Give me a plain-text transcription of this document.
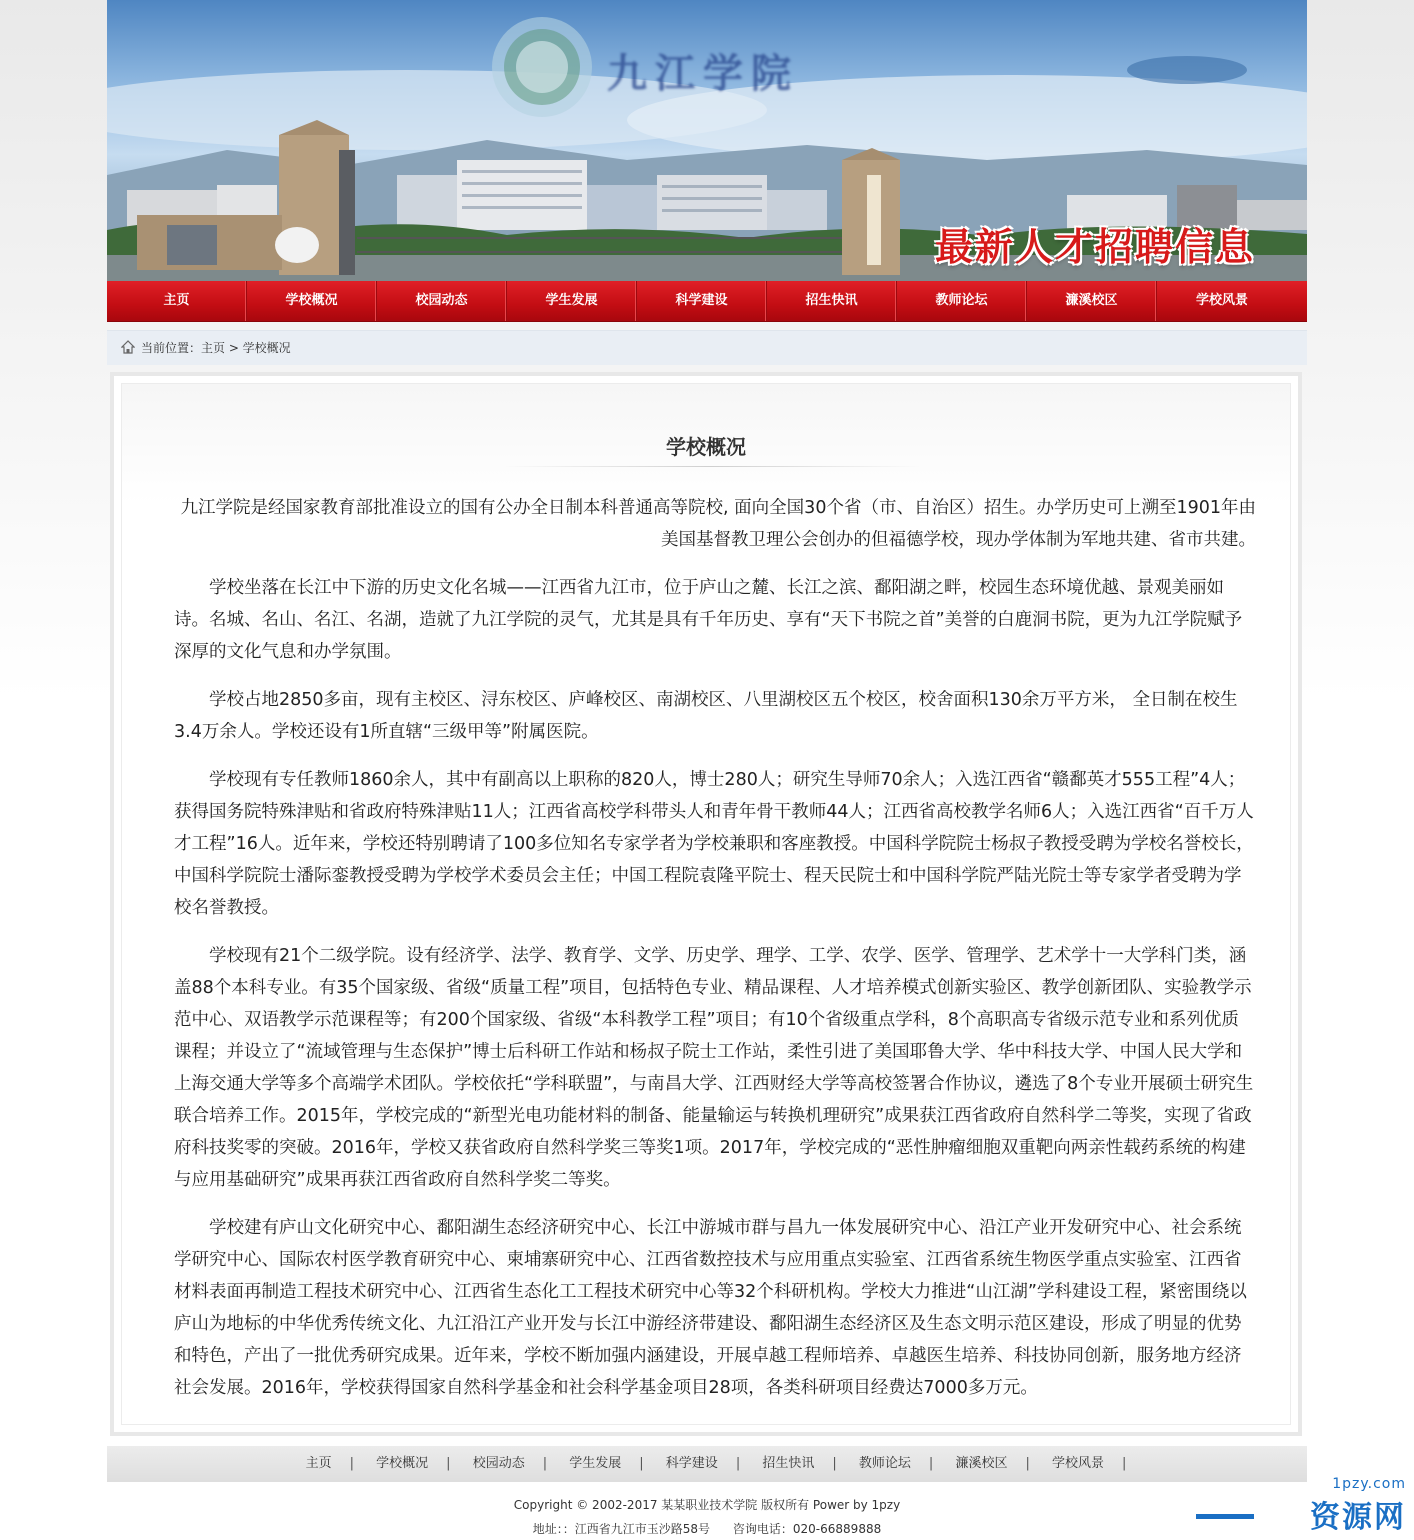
九江学院
最新人才招聘信息
主页	学校概况	校园动态	学生发展	科学建设	招生快讯	教师论坛	濂溪校区	学校风景
当前位置：主页 > 学校概况
学校概况

九江学院是经国家教育部批准设立的国有公办全日制本科普通高等院校, 面向全国30个省（市、自治区）招生。办学历史可上溯至1901年由美国基督教卫理公会创办的但福德学校，现办学体制为军地共建、省市共建。

学校坐落在长江中下游的历史文化名城——江西省九江市，位于庐山之麓、长江之滨、鄱阳湖之畔，校园生态环境优越、景观美丽如诗。名城、名山、名江、名湖，造就了九江学院的灵气，尤其是具有千年历史、享有“天下书院之首”美誉的白鹿洞书院，更为九江学院赋予深厚的文化气息和办学氛围。

学校占地2850多亩，现有主校区、浔东校区、庐峰校区、南湖校区、八里湖校区五个校区，校舍面积130余万平方米， 全日制在校生3.4万余人。学校还设有1所直辖“三级甲等”附属医院。

学校现有专任教师1860余人，其中有副高以上职称的820人，博士280人；研究生导师70余人；入选江西省“赣鄱英才555工程”4人；获得国务院特殊津贴和省政府特殊津贴11人；江西省高校学科带头人和青年骨干教师44人；江西省高校教学名师6人；入选江西省“百千万人才工程”16人。近年来，学校还特别聘请了100多位知名专家学者为学校兼职和客座教授。中国科学院院士杨叔子教授受聘为学校名誉校长，中国科学院院士潘际銮教授受聘为学校学术委员会主任；中国工程院袁隆平院士、程天民院士和中国科学院严陆光院士等专家学者受聘为学校名誉教授。

学校现有21个二级学院。设有经济学、法学、教育学、文学、历史学、理学、工学、农学、医学、管理学、艺术学十一大学科门类，涵盖88个本科专业。有35个国家级、省级“质量工程”项目，包括特色专业、精品课程、人才培养模式创新实验区、教学创新团队、实验教学示范中心、双语教学示范课程等；有200个国家级、省级“本科教学工程”项目；有10个省级重点学科，8个高职高专省级示范专业和系列优质课程；并设立了“流域管理与生态保护”博士后科研工作站和杨叔子院士工作站，柔性引进了美国耶鲁大学、华中科技大学、中国人民大学和上海交通大学等多个高端学术团队。学校依托“学科联盟”，与南昌大学、江西财经大学等高校签署合作协议，遴选了8个专业开展硕士研究生联合培养工作。2015年，学校完成的“新型光电功能材料的制备、能量输运与转换机理研究”成果获江西省政府自然科学二等奖，实现了省政府科技奖零的突破。2016年，学校又获省政府自然科学奖三等奖1项。2017年，学校完成的“恶性肿瘤细胞双重靶向两亲性载药系统的构建与应用基础研究”成果再获江西省政府自然科学奖二等奖。

学校建有庐山文化研究中心、鄱阳湖生态经济研究中心、长江中游城市群与昌九一体发展研究中心、沿江产业开发研究中心、社会系统学研究中心、国际农村医学教育研究中心、柬埔寨研究中心、江西省数控技术与应用重点实验室、江西省系统生物医学重点实验室、江西省材料表面再制造工程技术研究中心、江西省生态化工工程技术研究中心等32个科研机构。学校大力推进“山江湖”学科建设工程，紧密围绕以庐山为地标的中华优秀传统文化、九江沿江产业开发与长江中游经济带建设、鄱阳湖生态经济区及生态文明示范区建设，形成了明显的优势和特色，产出了一批优秀研究成果。近年来，学校不断加强内涵建设，开展卓越工程师培养、卓越医生培养、科技协同创新，服务地方经济社会发展。2016年，学校获得国家自然科学基金和社会科学基金项目28项，各类科研项目经费达7000多万元。

主页 | 学校概况 | 校园动态 | 学生发展 | 科学建设 | 招生快讯 | 教师论坛 | 濂溪校区 | 学校风景 |
Copyright © 2002-2017 某某职业技术学院 版权所有 Power by 1pzy
地址：：江西省九江市玉沙路58号      咨询电话：020-66889888
1pzy.com
资源网
